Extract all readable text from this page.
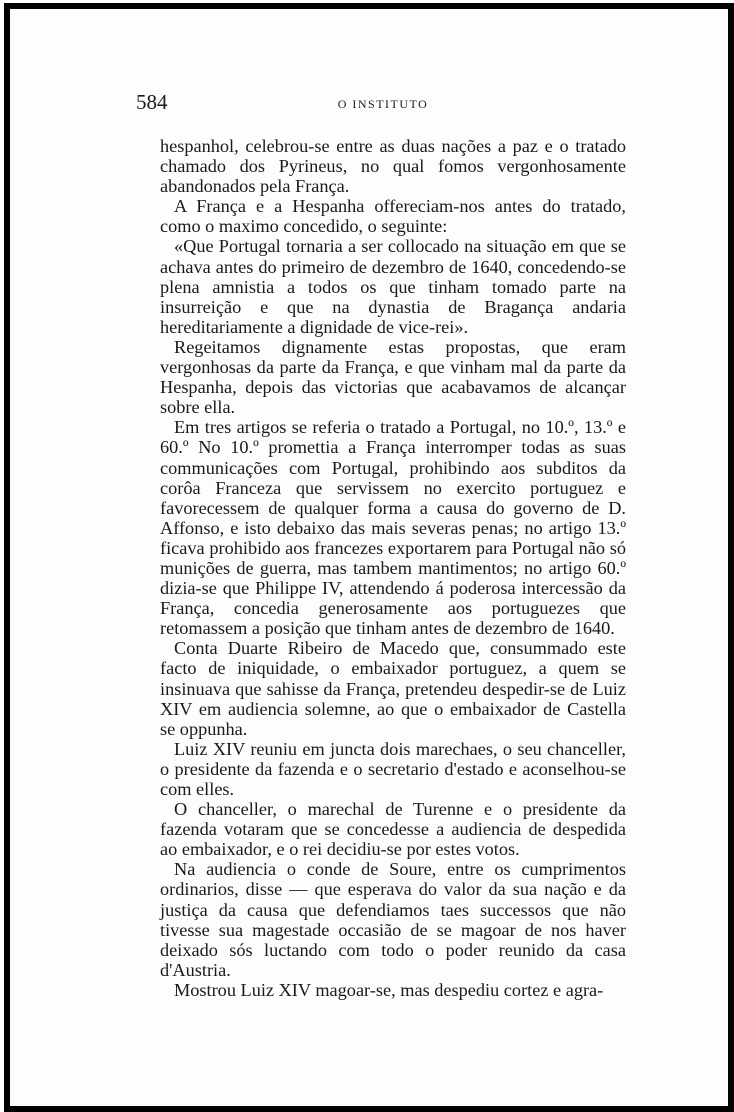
584	O INSTITUTO

hespanhol, celebrou-se entre as duas nações a paz e o tratado chamado dos Pyrineus, no qual fomos vergonhosamente abandonados pela França.

A França e a Hespanha offereciam-nos antes do tratado, como o maximo concedido, o seguinte:

«Que Portugal tornaria a ser collocado na situação em que se achava antes do primeiro de dezembro de 1640, concedendo-se plena amnistia a todos os que tinham tomado parte na insurreição e que na dynastia de Bragança andaria hereditariamente a dignidade de vice-rei».

Regeitamos dignamente estas propostas, que eram vergonhosas da parte da França, e que vinham mal da parte da Hespanha, depois das victorias que acabavamos de alcançar sobre ella.

Em tres artigos se referia o tratado a Portugal, no 10.º, 13.º e 60.º No 10.º promettia a França interromper todas as suas communicações com Portugal, prohibindo aos subditos da corôa Franceza que servissem no exercito portuguez e favorecessem de qualquer forma a causa do governo de D. Affonso, e isto debaixo das mais severas penas; no artigo 13.º ficava prohibido aos francezes exportarem para Portugal não só munições de guerra, mas tambem mantimentos; no artigo 60.º dizia-se que Philippe IV, attendendo á poderosa intercessão da França, concedia generosamente aos portuguezes que retomassem a posição que tinham antes de dezembro de 1640.

Conta Duarte Ribeiro de Macedo que, consummado este facto de iniquidade, o embaixador portuguez, a quem se insinuava que sahisse da França, pretendeu despedir-se de Luiz XIV em audiencia solemne, ao que o embaixador de Castella se oppunha.

Luiz XIV reuniu em juncta dois marechaes, o seu chanceller, o presidente da fazenda e o secretario d'estado e aconselhou-se com elles.

O chanceller, o marechal de Turenne e o presidente da fazenda votaram que se concedesse a audiencia de despedida ao embaixador, e o rei decidiu-se por estes votos.

Na audiencia o conde de Soure, entre os cumprimentos ordinarios, disse — que esperava do valor da sua nação e da justiça da causa que defendiamos taes successos que não tivesse sua magestade occasião de se magoar de nos haver deixado sós luctando com todo o poder reunido da casa d'Austria.

Mostrou Luiz XIV magoar-se, mas despediu cortez e agra-
